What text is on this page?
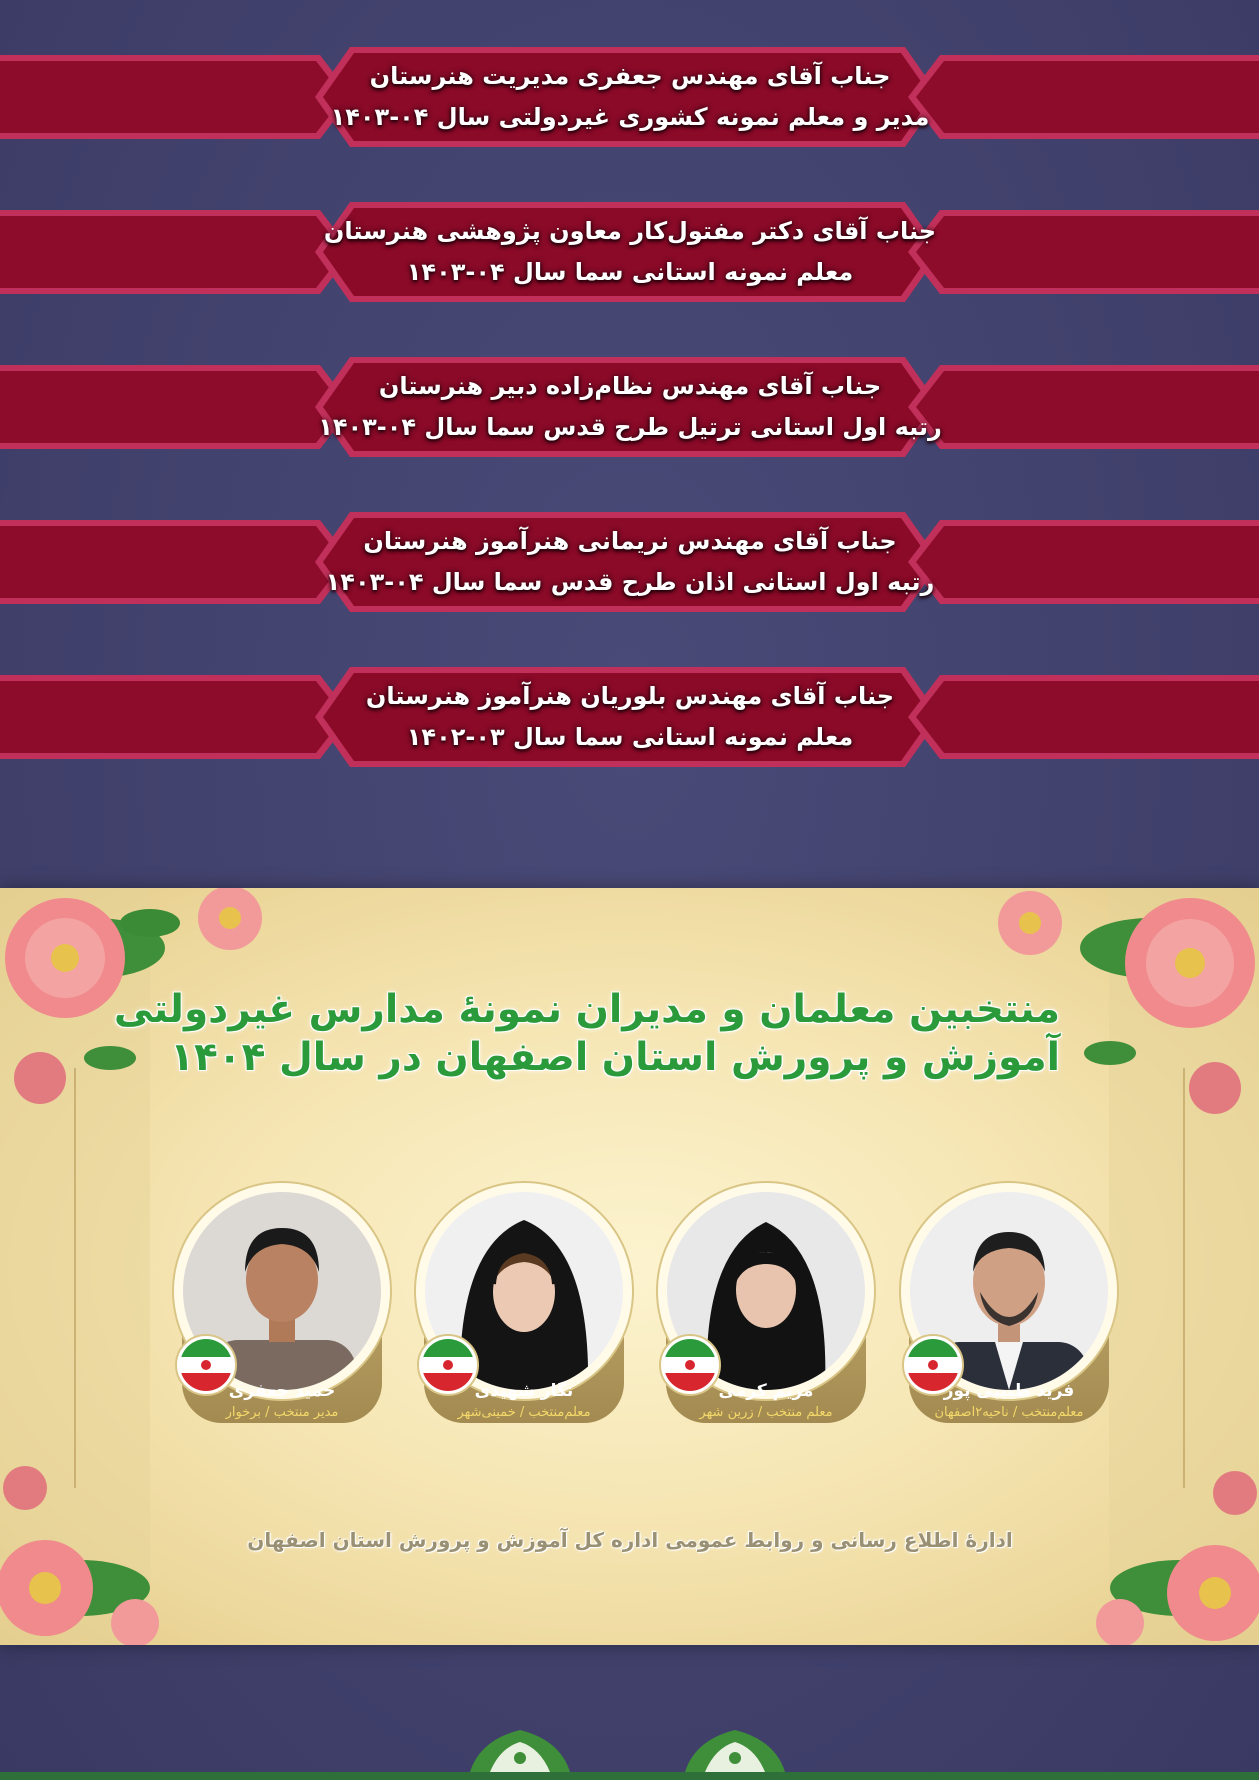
جناب آقای مهندس جعفری مدیریت هنرستان
مدیر و معلم نمونه کشوری غیردولتی سال ۰۴-۱۴۰۳
جناب آقای دکتر مفتول‌کار معاون پژوهشی هنرستان
معلم نمونه استانی سما سال ۰۴-۱۴۰۳
جناب آقای مهندس نظام‌زاده دبیر هنرستان
رتبه اول استانی ترتیل طرح قدس سما سال ۰۴-۱۴۰۳
جناب آقای مهندس نریمانی هنرآموز هنرستان
رتبه اول استانی اذان طرح قدس سما سال ۰۴-۱۴۰۳
جناب آقای مهندس بلوریان هنرآموز هنرستان
معلم نمونه استانی سما سال ۰۳-۱۴۰۲
منتخبین معلمان و مدیران نمونهٔ مدارس غیردولتی
آموزش و پرورش استان اصفهان در سال ۱۴۰۴
فرید طبیبی پور
معلم‌منتخب / ناحیه۲اصفهان
مریم کرمی
معلم منتخب / زرین شهر
نگار شهیدی
معلم‌منتخب / خمینی‌شهر
حمید جعفری
مدیر منتخب / برخوار
ادارهٔ اطلاع رسانی و روابط عمومی اداره کل آموزش و پرورش استان اصفهان
